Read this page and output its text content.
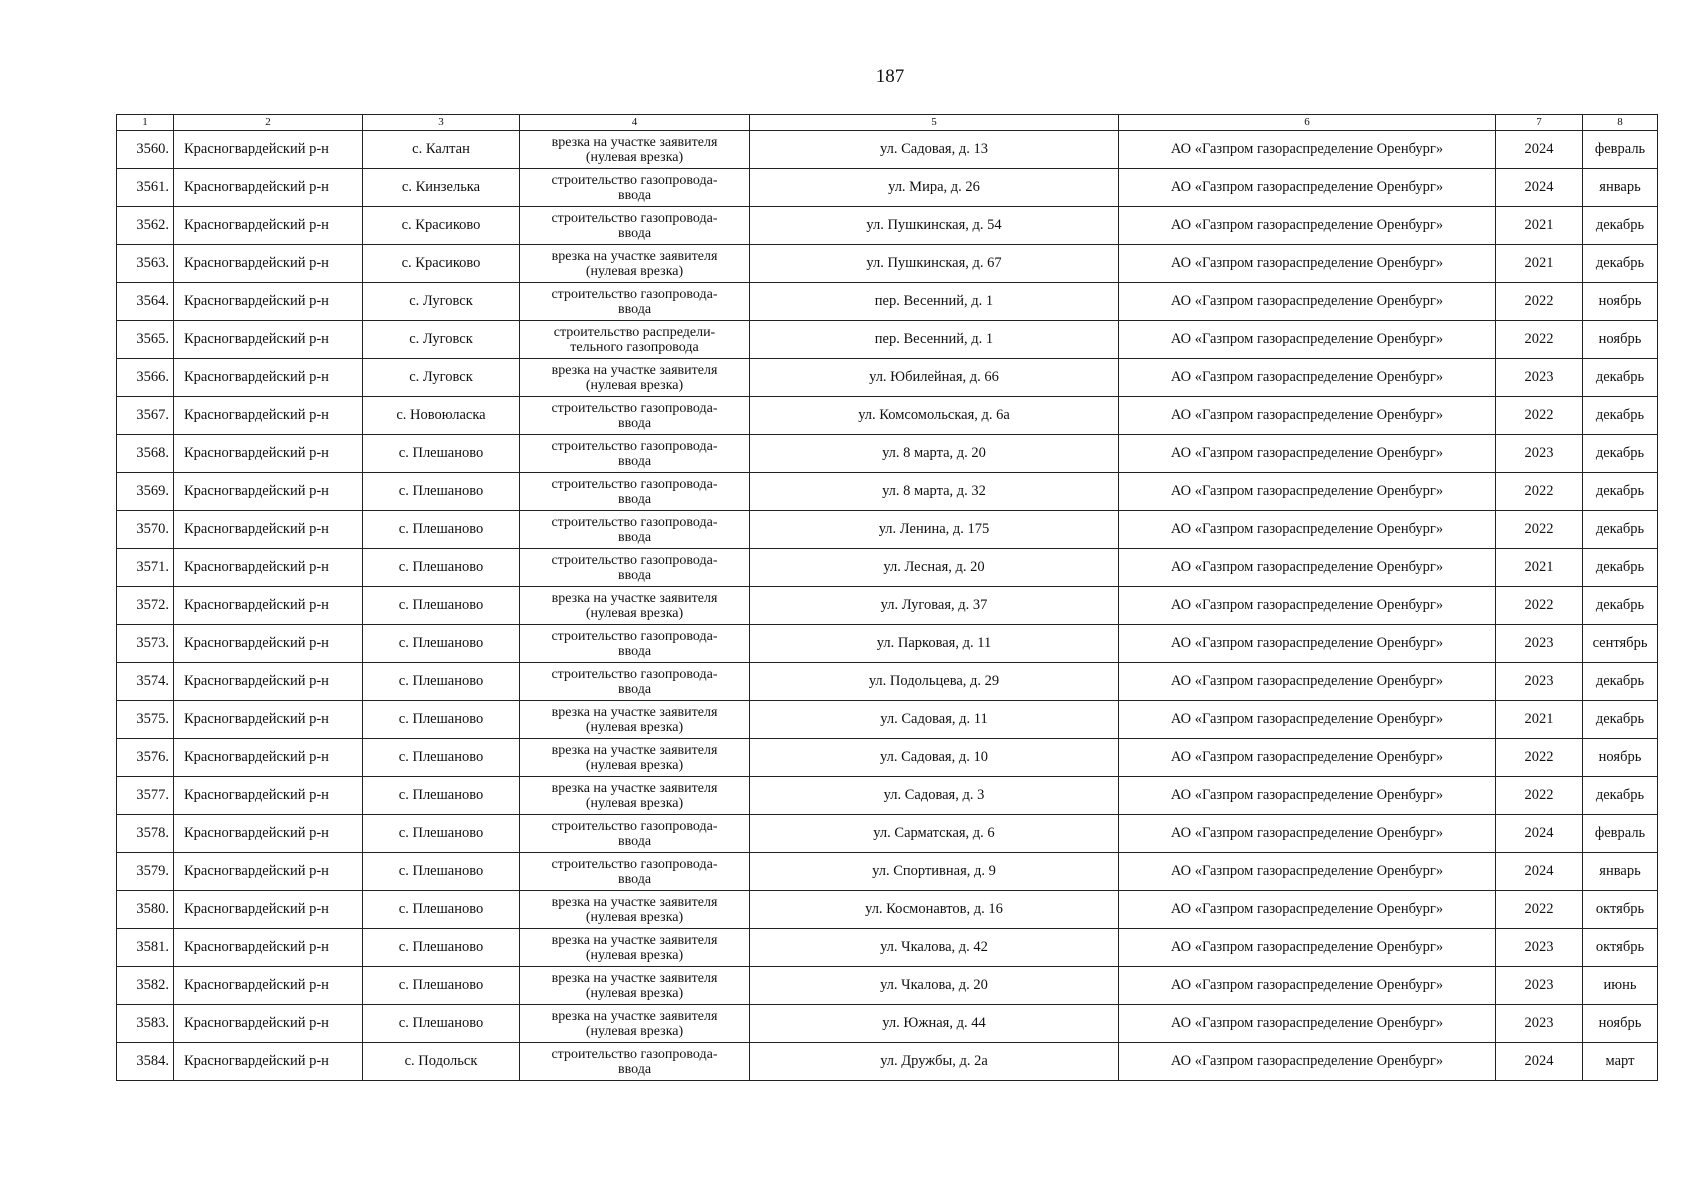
187
1	2	3	4	5	6	7	8
3560.	Красногвардейский р-н	с. Калтан	врезка на участке заявителя
(нулевая врезка)	ул. Садовая, д. 13	АО «Газпром газораспределение Оренбург»	2024	февраль
3561.	Красногвардейский р-н	с. Кинзелька	строительство газопровода-
ввода	ул. Мира, д. 26	АО «Газпром газораспределение Оренбург»	2024	январь
3562.	Красногвардейский р-н	с. Красиково	строительство газопровода-
ввода	ул. Пушкинская, д. 54	АО «Газпром газораспределение Оренбург»	2021	декабрь
3563.	Красногвардейский р-н	с. Красиково	врезка на участке заявителя
(нулевая врезка)	ул. Пушкинская, д. 67	АО «Газпром газораспределение Оренбург»	2021	декабрь
3564.	Красногвардейский р-н	с. Луговск	строительство газопровода-
ввода	пер. Весенний, д. 1	АО «Газпром газораспределение Оренбург»	2022	ноябрь
3565.	Красногвардейский р-н	с. Луговск	строительство распредели-
тельного газопровода	пер. Весенний, д. 1	АО «Газпром газораспределение Оренбург»	2022	ноябрь
3566.	Красногвардейский р-н	с. Луговск	врезка на участке заявителя
(нулевая врезка)	ул. Юбилейная, д. 66	АО «Газпром газораспределение Оренбург»	2023	декабрь
3567.	Красногвардейский р-н	с. Новоюласка	строительство газопровода-
ввода	ул. Комсомольская, д. 6а	АО «Газпром газораспределение Оренбург»	2022	декабрь
3568.	Красногвардейский р-н	с. Плешаново	строительство газопровода-
ввода	ул. 8 марта, д. 20	АО «Газпром газораспределение Оренбург»	2023	декабрь
3569.	Красногвардейский р-н	с. Плешаново	строительство газопровода-
ввода	ул. 8 марта, д. 32	АО «Газпром газораспределение Оренбург»	2022	декабрь
3570.	Красногвардейский р-н	с. Плешаново	строительство газопровода-
ввода	ул. Ленина, д. 175	АО «Газпром газораспределение Оренбург»	2022	декабрь
3571.	Красногвардейский р-н	с. Плешаново	строительство газопровода-
ввода	ул. Лесная, д. 20	АО «Газпром газораспределение Оренбург»	2021	декабрь
3572.	Красногвардейский р-н	с. Плешаново	врезка на участке заявителя
(нулевая врезка)	ул. Луговая, д. 37	АО «Газпром газораспределение Оренбург»	2022	декабрь
3573.	Красногвардейский р-н	с. Плешаново	строительство газопровода-
ввода	ул. Парковая, д. 11	АО «Газпром газораспределение Оренбург»	2023	сентябрь
3574.	Красногвардейский р-н	с. Плешаново	строительство газопровода-
ввода	ул. Подольцева, д. 29	АО «Газпром газораспределение Оренбург»	2023	декабрь
3575.	Красногвардейский р-н	с. Плешаново	врезка на участке заявителя
(нулевая врезка)	ул. Садовая, д. 11	АО «Газпром газораспределение Оренбург»	2021	декабрь
3576.	Красногвардейский р-н	с. Плешаново	врезка на участке заявителя
(нулевая врезка)	ул. Садовая, д. 10	АО «Газпром газораспределение Оренбург»	2022	ноябрь
3577.	Красногвардейский р-н	с. Плешаново	врезка на участке заявителя
(нулевая врезка)	ул. Садовая, д. 3	АО «Газпром газораспределение Оренбург»	2022	декабрь
3578.	Красногвардейский р-н	с. Плешаново	строительство газопровода-
ввода	ул. Сарматская, д. 6	АО «Газпром газораспределение Оренбург»	2024	февраль
3579.	Красногвардейский р-н	с. Плешаново	строительство газопровода-
ввода	ул. Спортивная, д. 9	АО «Газпром газораспределение Оренбург»	2024	январь
3580.	Красногвардейский р-н	с. Плешаново	врезка на участке заявителя
(нулевая врезка)	ул. Космонавтов, д. 16	АО «Газпром газораспределение Оренбург»	2022	октябрь
3581.	Красногвардейский р-н	с. Плешаново	врезка на участке заявителя
(нулевая врезка)	ул. Чкалова, д. 42	АО «Газпром газораспределение Оренбург»	2023	октябрь
3582.	Красногвардейский р-н	с. Плешаново	врезка на участке заявителя
(нулевая врезка)	ул. Чкалова, д. 20	АО «Газпром газораспределение Оренбург»	2023	июнь
3583.	Красногвардейский р-н	с. Плешаново	врезка на участке заявителя
(нулевая врезка)	ул. Южная, д. 44	АО «Газпром газораспределение Оренбург»	2023	ноябрь
3584.	Красногвардейский р-н	с. Подольск	строительство газопровода-
ввода	ул. Дружбы, д. 2а	АО «Газпром газораспределение Оренбург»	2024	март
